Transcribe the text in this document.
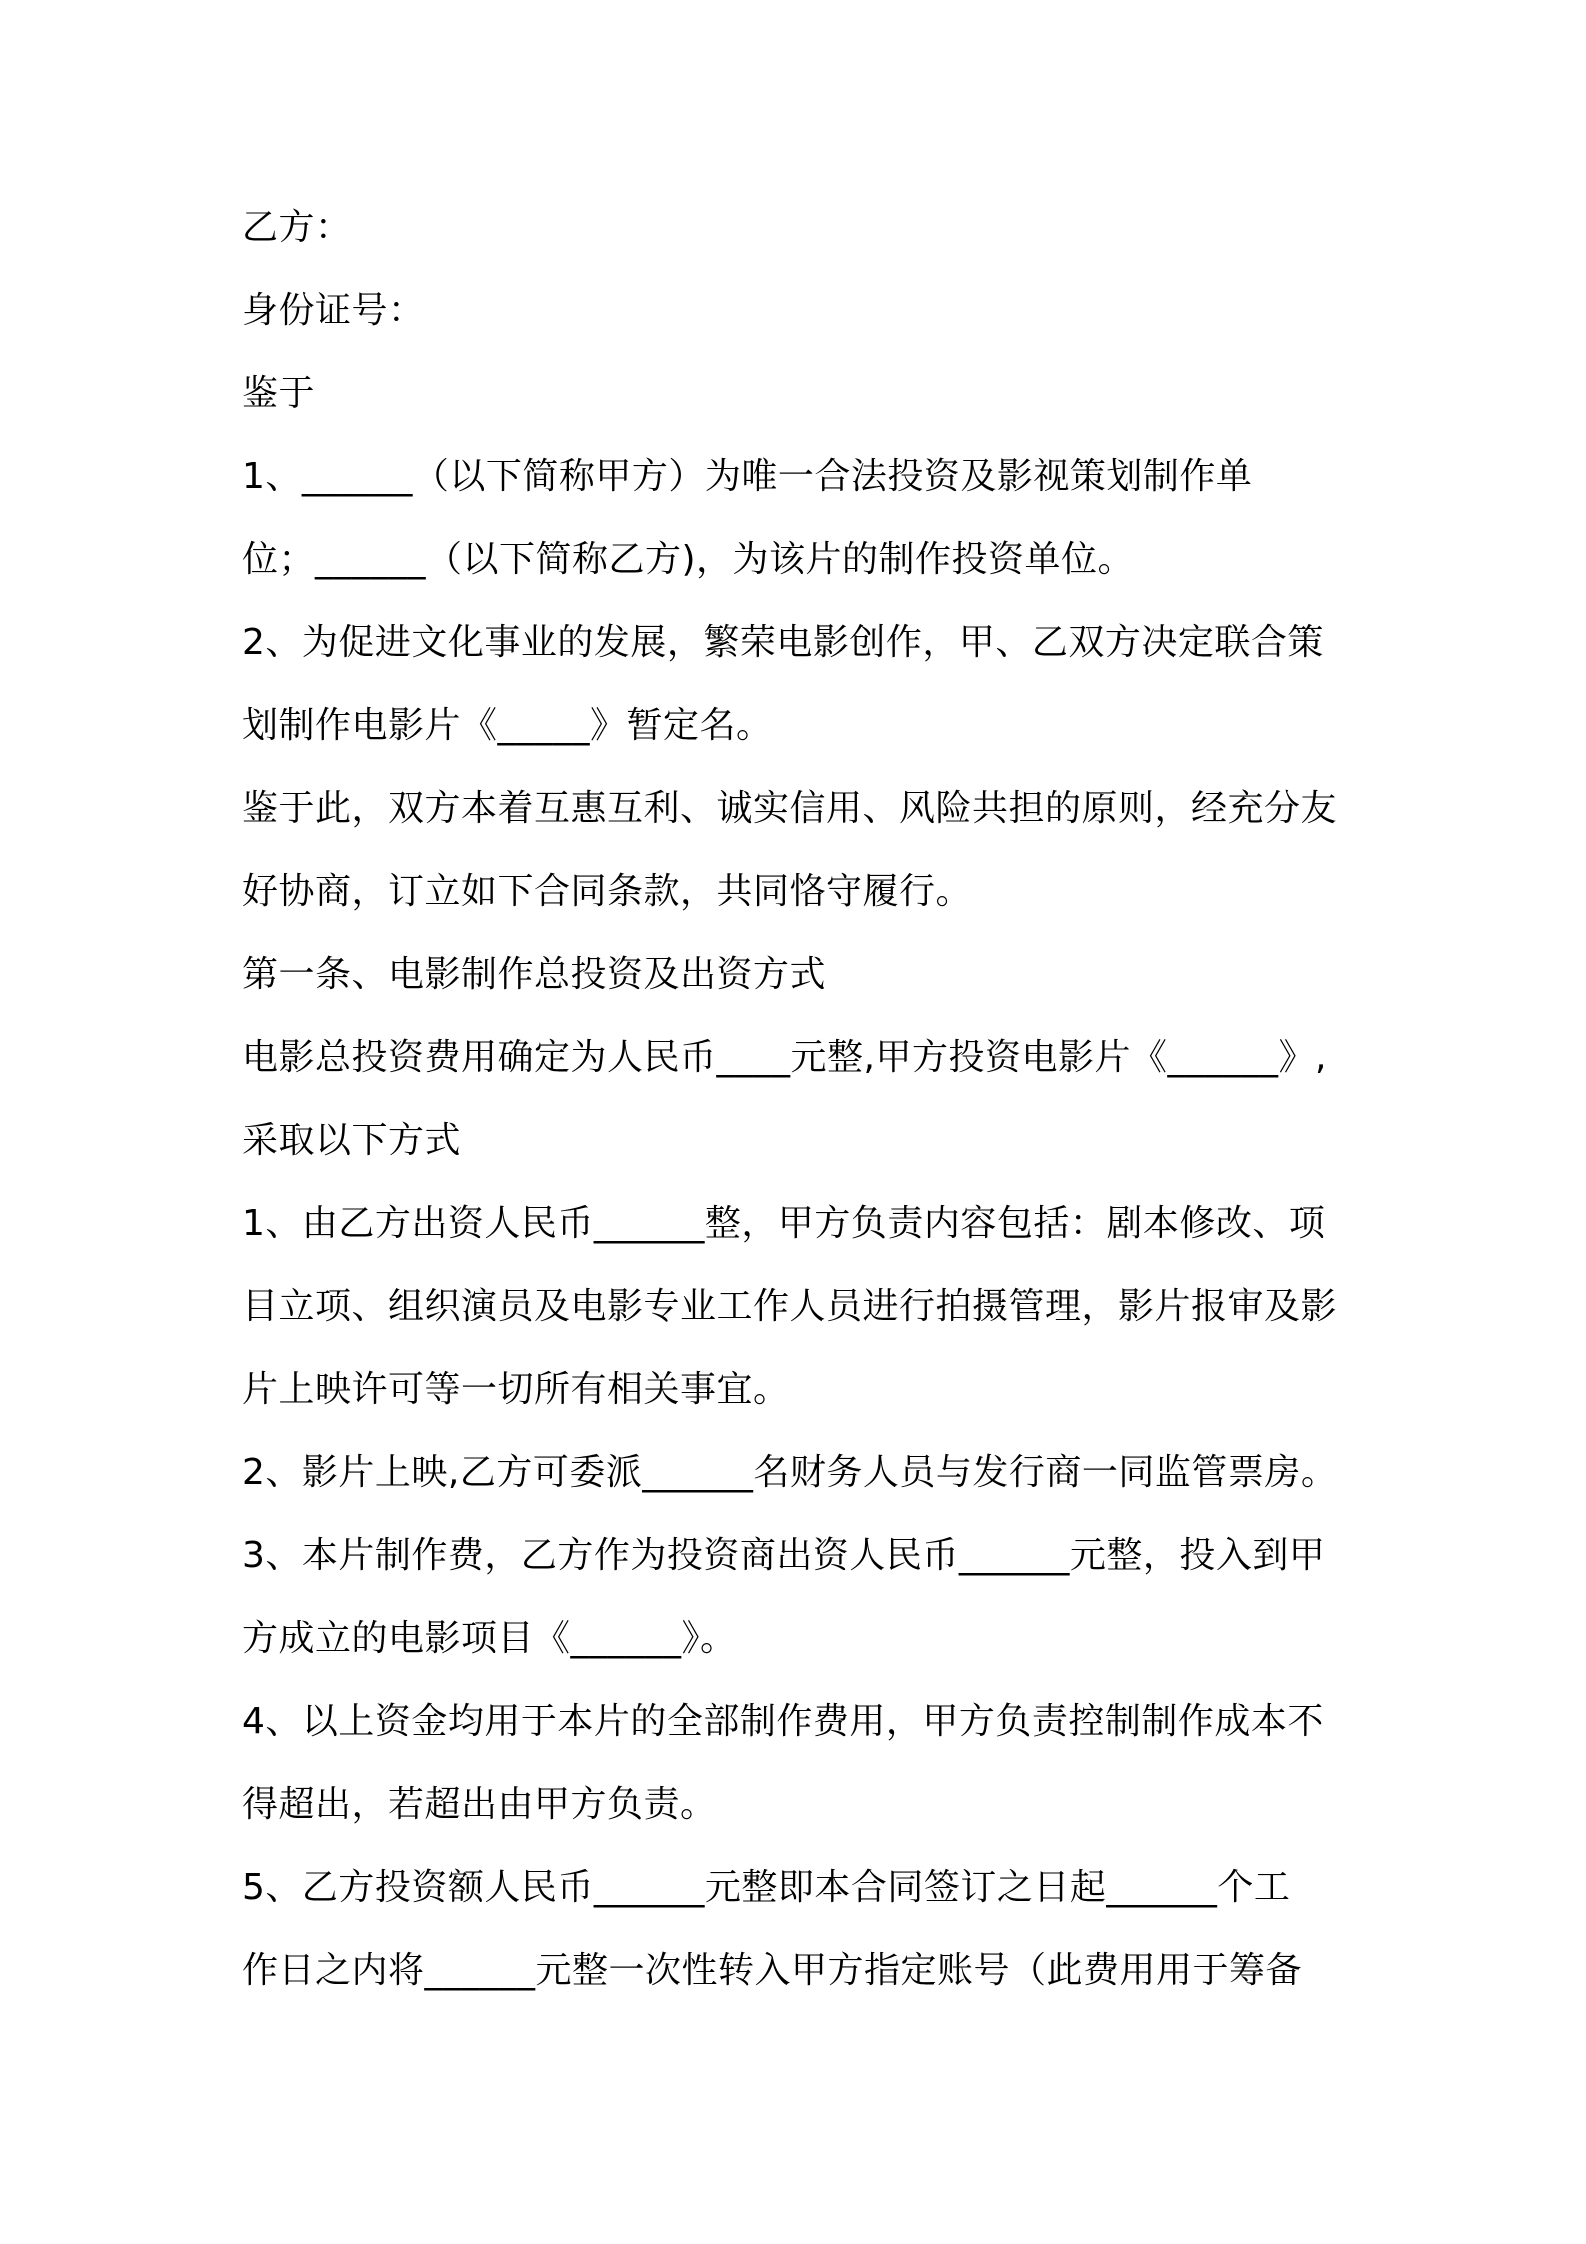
乙方：

身份证号：

鉴于

1、______（以下简称甲方）为唯一合法投资及影视策划制作单

位；______（以下简称乙方)，为该片的制作投资单位。

2、为促进文化事业的发展，繁荣电影创作，甲、乙双方决定联合策

划制作电影片《_____》暂定名。

鉴于此，双方本着互惠互利、诚实信用、风险共担的原则，经充分友

好协商，订立如下合同条款，共同恪守履行。

第一条、电影制作总投资及出资方式

电影总投资费用确定为人民币____元整,甲方投资电影片《______》,

采取以下方式

1、由乙方出资人民币______整，甲方负责内容包括：剧本修改、项

目立项、组织演员及电影专业工作人员进行拍摄管理，影片报审及影

片上映许可等一切所有相关事宜。

2、影片上映,乙方可委派______名财务人员与发行商一同监管票房。

3、本片制作费，乙方作为投资商出资人民币______元整，投入到甲

方成立的电影项目《______》。

4、以上资金均用于本片的全部制作费用，甲方负责控制制作成本不

得超出，若超出由甲方负责。

5、乙方投资额人民币______元整即本合同签订之日起______个工

作日之内将______元整一次性转入甲方指定账号（此费用用于筹备
